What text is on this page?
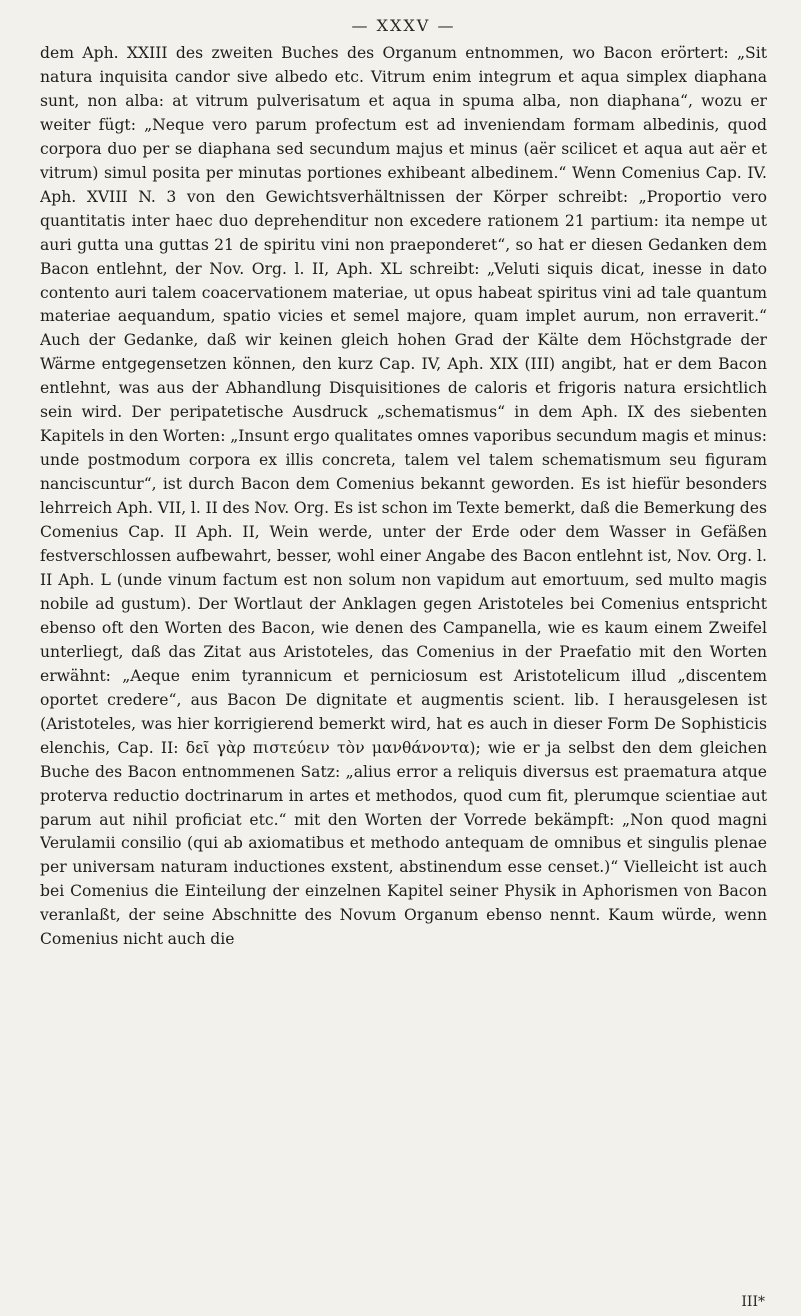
— XXXV —

dem Aph. XXIII des zweiten Buches des Organum entnommen, wo Bacon erörtert: „Sit natura inquisita candor sive albedo etc. Vitrum enim integrum et aqua simplex diaphana sunt, non alba: at vitrum pulverisatum et aqua in spuma alba, non diaphana“, wozu er weiter fügt: „Neque vero parum profectum est ad inveniendam formam albedinis, quod corpora duo per se diaphana sed secundum majus et minus (aër scilicet et aqua aut aër et vitrum) simul posita per minutas portiones exhibeant albedinem.“ Wenn Comenius Cap. IV. Aph. XVIII N. 3 von den Gewichtsverhältnissen der Körper schreibt: „Proportio vero quantitatis inter haec duo deprehenditur non excedere rationem 21 partium: ita nempe ut auri gutta una guttas 21 de spiritu vini non praeponderet“, so hat er diesen Gedanken dem Bacon entlehnt, der Nov. Org. l. II, Aph. XL schreibt: „Veluti siquis dicat, inesse in dato contento auri talem coacervationem materiae, ut opus habeat spiritus vini ad tale quantum materiae aequandum, spatio vicies et semel majore, quam implet aurum, non erraverit.“ Auch der Gedanke, daß wir keinen gleich hohen Grad der Kälte dem Höchstgrade der Wärme entgegensetzen können, den kurz Cap. IV, Aph. XIX (III) angibt, hat er dem Bacon entlehnt, was aus der Abhandlung Disquisitiones de caloris et frigoris natura ersichtlich sein wird. Der peripatetische Ausdruck „schematismus“ in dem Aph. IX des siebenten Kapitels in den Worten: „Insunt ergo qualitates omnes vaporibus secundum magis et minus: unde postmodum corpora ex illis concreta, talem vel talem schematismum seu figuram nanciscuntur“, ist durch Bacon dem Comenius bekannt geworden. Es ist hiefür besonders lehrreich Aph. VII, l. II des Nov. Org. Es ist schon im Texte bemerkt, daß die Bemerkung des Comenius Cap. II Aph. II, Wein werde, unter der Erde oder dem Wasser in Gefäßen festverschlossen aufbewahrt, besser, wohl einer Angabe des Bacon entlehnt ist, Nov. Org. l. II Aph. L (unde vinum factum est non solum non vapidum aut emortuum, sed multo magis nobile ad gustum). Der Wortlaut der Anklagen gegen Aristoteles bei Comenius entspricht ebenso oft den Worten des Bacon, wie denen des Campanella, wie es kaum einem Zweifel unterliegt, daß das Zitat aus Aristoteles, das Comenius in der Praefatio mit den Worten erwähnt: „Aeque enim tyrannicum et perniciosum est Aristotelicum illud „discentem oportet credere“, aus Bacon De dignitate et augmentis scient. lib. I herausgelesen ist (Aristoteles, was hier korrigierend bemerkt wird, hat es auch in dieser Form De Sophisticis elenchis, Cap. II: δεῖ γὰρ πιστεύειν τὸν μανθάνοντα); wie er ja selbst den dem gleichen Buche des Bacon entnommenen Satz: „alius error a reliquis diversus est praematura atque proterva reductio doctrinarum in artes et methodos, quod cum fit, plerumque scientiae aut parum aut nihil proficiat etc.“ mit den Worten der Vorrede bekämpft: „Non quod magni Verulamii consilio (qui ab axiomatibus et methodo antequam de omnibus et singulis plenae per universam naturam inductiones exstent, abstinendum esse censet.)“ Vielleicht ist auch bei Comenius die Einteilung der einzelnen Kapitel seiner Physik in Aphorismen von Bacon veranlaßt, der seine Abschnitte des Novum Organum ebenso nennt. Kaum würde, wenn Comenius nicht auch die

III*
